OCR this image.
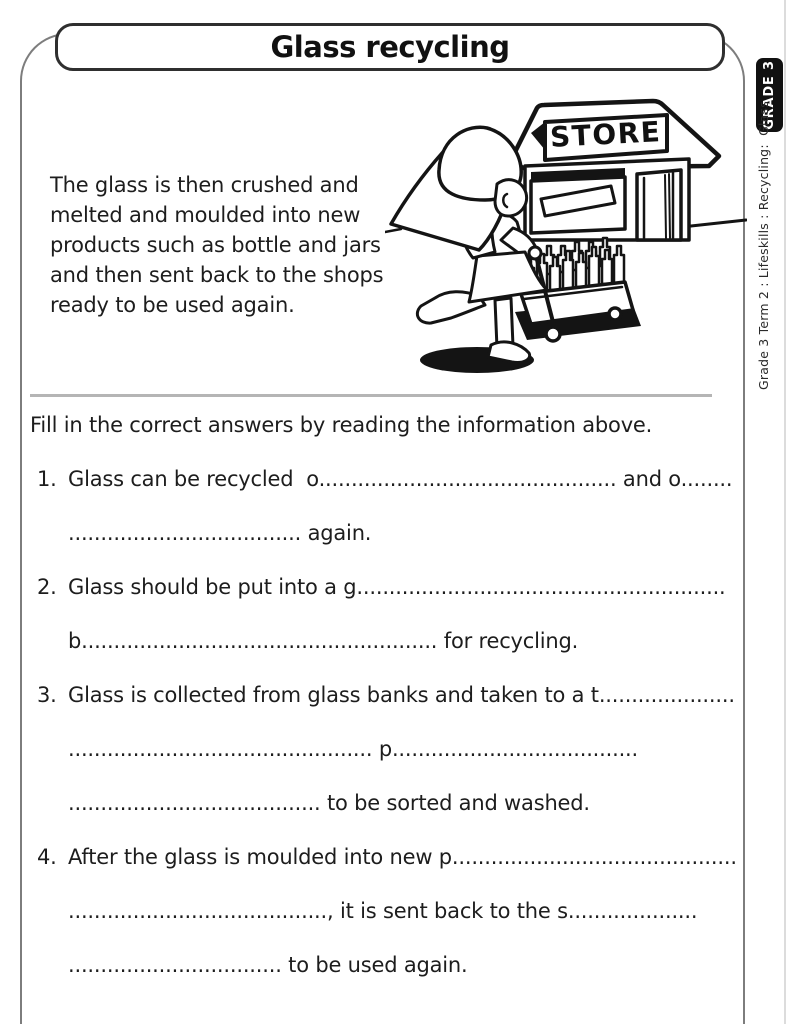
Glass recycling
GRADE 3
Grade 3 Term 2 : Lifeskills : Recycling:  Glass
The glass is then crushed and
melted and moulded into new
products such as bottle and jars
and then sent back to the shops
ready to be used again.
STORE
Fill in the correct answers by reading the information above.
1. Glass can be recycled  o.............................................. and o........
.................................... again.
2. Glass should be put into a g.........................................................
b....................................................... for recycling.
3. Glass is collected from glass banks and taken to a t.....................
............................................... p......................................
....................................... to be sorted and washed.
4. After the glass is moulded into new p............................................
........................................, it is sent back to the s....................
................................. to be used again.
